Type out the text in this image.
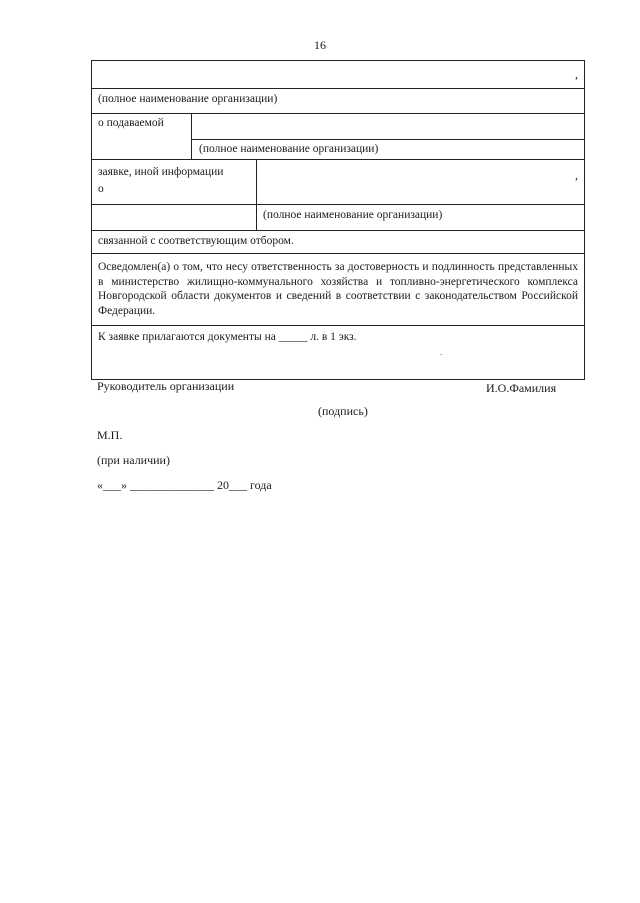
16
,
(полное наименование организации)
о подаваемой
(полное наименование организации)
заявке, иной информации
о
,
(полное наименование организации)
связанной с соответствующим отбором.
Осведомлен(а) о том, что несу ответственность за достоверность и подлинность представленных в министерство жилищно-коммунального хозяйства и топливно-энергетического комплекса Новгородской области документов и сведений в соответствии с законодательством Российской Федерации.
К заявке прилагаются документы на _____ л. в 1 экз.
.
Руководитель организации	И.О.Фамилия
(подпись)
М.П.
(при наличии)
«___» ______________ 20___ года
